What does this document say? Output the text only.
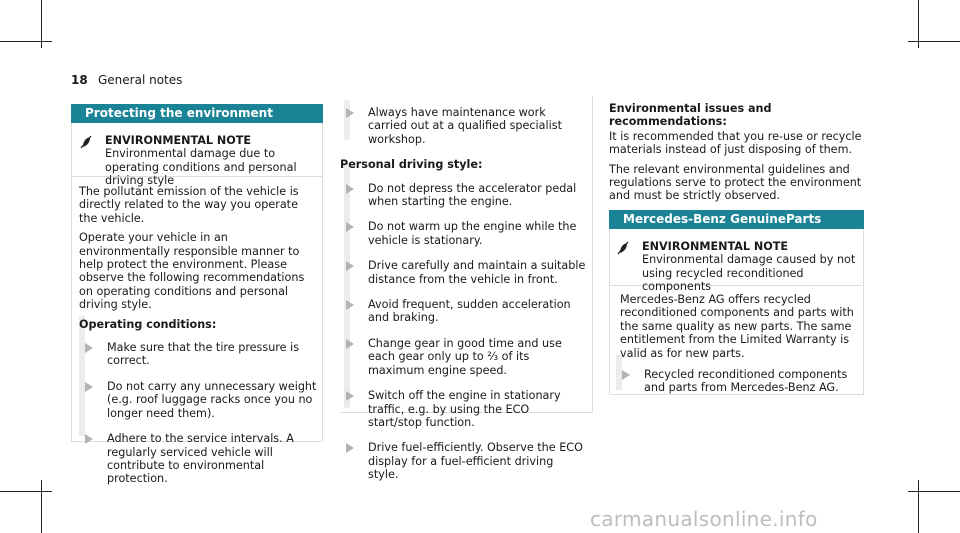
18 General notes
Protecting the environment
ENVIRONMENTAL NOTE Environmental damage due to operating conditions and personal driving style

The pollutant emission of the vehicle is directly related to the way you operate the vehicle.

Operate your vehicle in an environmentally responsible manner to help protect the environment. Please observe the following recommendations on operating conditions and personal driving style.

Operating conditions:

Make sure that the tire pressure is correct.
Do not carry any unnecessary weight (e.g. roof luggage racks once you no longer need them).
Adhere to the service intervals. A regularly serviced vehicle will contribute to environmental protection.
Always have maintenance work carried out at a qualified specialist workshop.

Personal driving style:

Do not depress the accelerator pedal when starting the engine.
Do not warm up the engine while the vehicle is stationary.
Drive carefully and maintain a suitable distance from the vehicle in front.
Avoid frequent, sudden acceleration and braking.
Change gear in good time and use each gear only up to ⅔ of its maximum engine speed.
Switch off the engine in stationary traffic, e.g. by using the ECO start/stop function.
Drive fuel-efficiently. Observe the ECO display for a fuel-efficient driving style.

Environmental issues and recommendations:

It is recommended that you re-use or recycle materials instead of just disposing of them.

The relevant environmental guidelines and regulations serve to protect the environment and must be strictly observed.

Mercedes-Benz GenuineParts
ENVIRONMENTAL NOTE Environmental damage caused by not using recycled reconditioned components

Mercedes-Benz AG offers recycled reconditioned components and parts with the same quality as new parts. The same entitlement from the Limited Warranty is valid as for new parts.

Recycled reconditioned components and parts from Mercedes-Benz AG.
carmanualsonline.info
